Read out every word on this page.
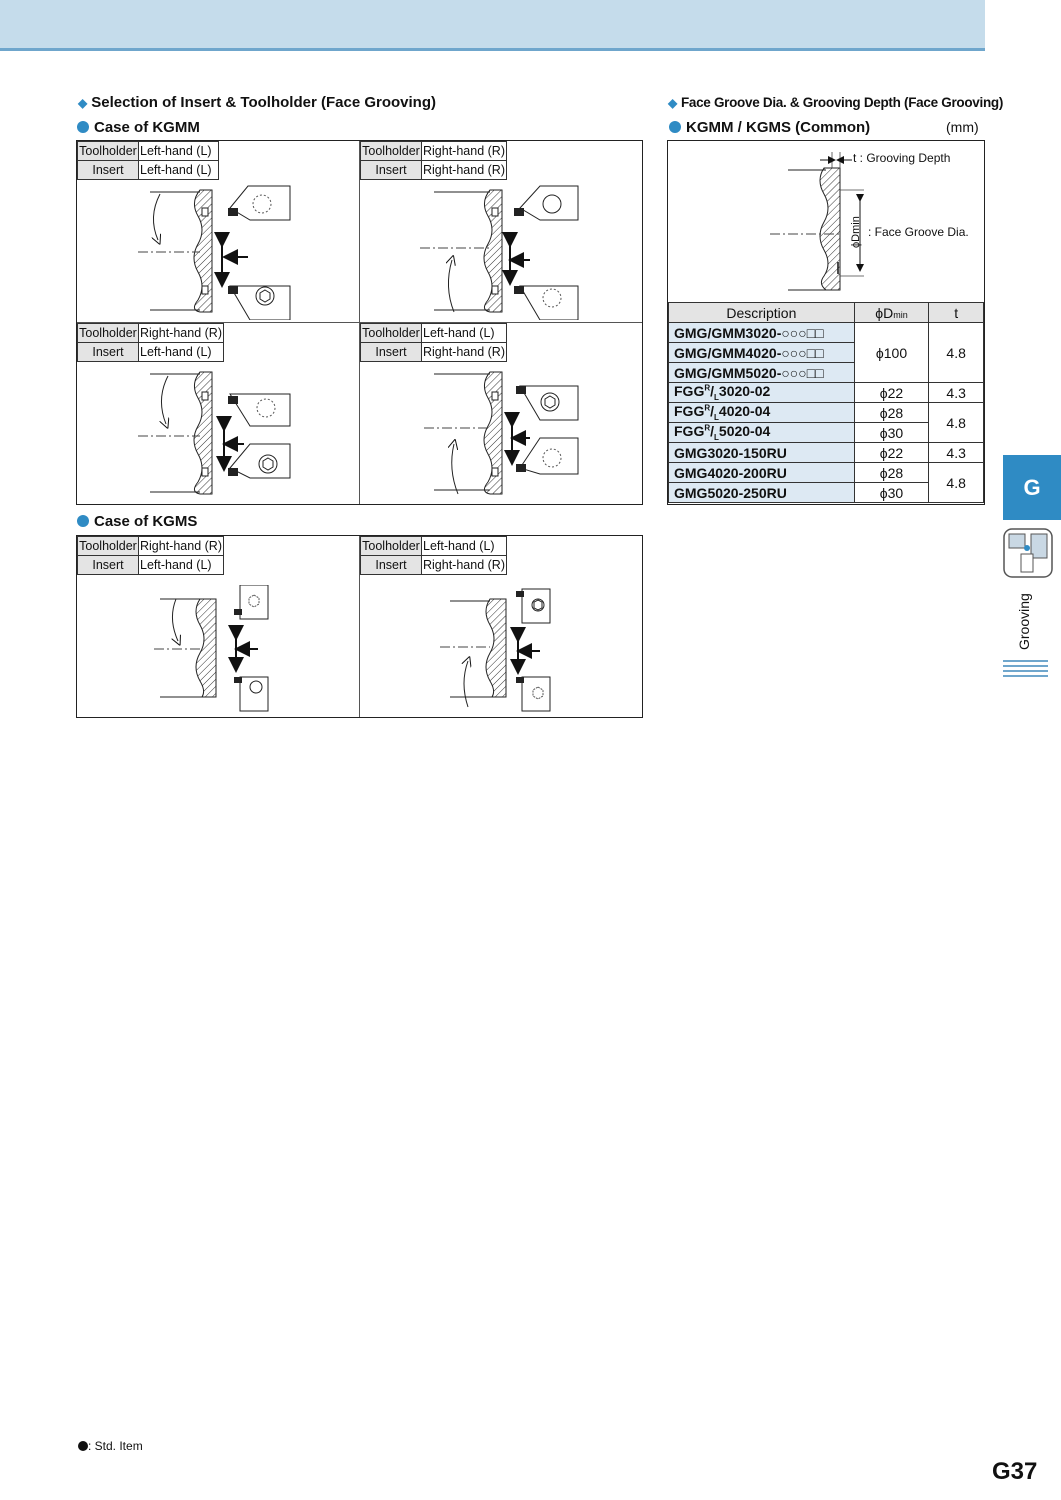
◆ Selection of Insert & Toolholder (Face Grooving)
Case of KGMM
Toolholder	Left-hand (L)
Insert	Left-hand (L)
Toolholder	Right-hand (R)
Insert	Right-hand (R)
Toolholder	Right-hand (R)
Insert	Left-hand (L)
Toolholder	Left-hand (L)
Insert	Right-hand (R)
Case of KGMS
Toolholder	Right-hand (R)
Insert	Left-hand (L)
Toolholder	Left-hand (L)
Insert	Right-hand (R)
◆ Face Groove Dia. & Grooving Depth (Face Grooving)
KGMM / KGMS (Common)	(mm)
t : Grooving Depth
ϕDmin : Face Groove Dia.
Description	ϕDmin	t
GMG/GMM3020-○○○□□	ϕ100	4.8
GMG/GMM4020-○○○□□		
GMG/GMM5020-○○○□□		
$FGG^R/_L3020-02$	ϕ22	4.3
$FGG^R/_L4020-04$	ϕ28	4.8
$FGG^R/_L5020-04$	ϕ30	
GMG3020-150RU	ϕ22	4.3
GMG4020-200RU	ϕ28	4.8
GMG5020-250RU	ϕ30		G
Grooving
: Std. Item
G37
